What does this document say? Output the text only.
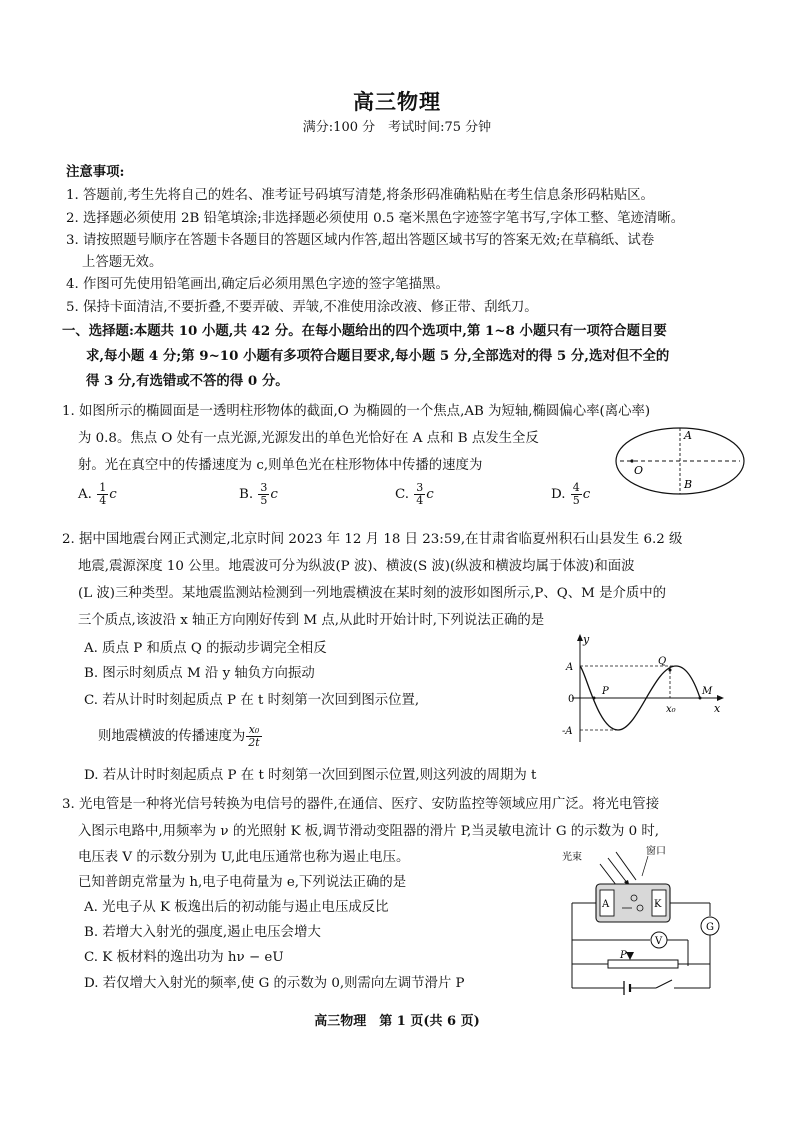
高三物理
满分:100 分　考试时间:75 分钟
注意事项:
1. 答题前,考生先将自己的姓名、准考证号码填写清楚,将条形码准确粘贴在考生信息条形码粘贴区。
2. 选择题必须使用 2B 铅笔填涂;非选择题必须使用 0.5 毫米黑色字迹签字笔书写,字体工整、笔迹清晰。
3. 请按照题号顺序在答题卡各题目的答题区域内作答,超出答题区域书写的答案无效;在草稿纸、试卷
上答题无效。
4. 作图可先使用铅笔画出,确定后必须用黑色字迹的签字笔描黑。
5. 保持卡面清洁,不要折叠,不要弄破、弄皱,不准使用涂改液、修正带、刮纸刀。
一、选择题:本题共 10 小题,共 42 分。在每小题给出的四个选项中,第 1~8 小题只有一项符合题目要
求,每小题 4 分;第 9~10 小题有多项符合题目要求,每小题 5 分,全部选对的得 5 分,选对但不全的
得 3 分,有选错或不答的得 0 分。
1. 如图所示的椭圆面是一透明柱形物体的截面,O 为椭圆的一个焦点,AB 为短轴,椭圆偏心率(离心率)
为 0.8。焦点 O 处有一点光源,光源发出的单色光恰好在 A 点和 B 点发生全反
射。光在真空中的传播速度为 c,则单色光在柱形物体中传播的速度为
A. $\frac{1}{4}$ c	B. $\frac{3}{5}$ c	C. $\frac{3}{4}$ c	D. $\frac{4}{5}$ c
A
B
O
2. 据中国地震台网正式测定,北京时间 2023 年 12 月 18 日 23:59,在甘肃省临夏州积石山县发生 6.2 级
地震,震源深度 10 公里。地震波可分为纵波(P 波)、横波(S 波)(纵波和横波均属于体波)和面波
(L 波)三种类型。某地震监测站检测到一列地震横波在某时刻的波形如图所示,P、Q、M 是介质中的
三个质点,该波沿 x 轴正方向刚好传到 M 点,从此时开始计时,下列说法正确的是
A. 质点 P 和质点 Q 的振动步调完全相反
B. 图示时刻质点 M 沿 y 轴负方向振动
C. 若从计时时刻起质点 P 在 t 时刻第一次回到图示位置,
则地震横波的传播速度为 $\frac{\text{x₀}}{2t}$
D. 若从计时时刻起质点 P 在 t 时刻第一次回到图示位置,则这列波的周期为 t
y
x
A
-A
0
P
Q
M
x₀
3. 光电管是一种将光信号转换为电信号的器件,在通信、医疗、安防监控等领域应用广泛。将光电管接
入图示电路中,用频率为 ν 的光照射 K 板,调节滑动变阻器的滑片 P,当灵敏电流计 G 的示数为 0 时,
电压表 V 的示数分别为 U,此电压通常也称为遏止电压。
已知普朗克常量为 h,电子电荷量为 e,下列说法正确的是
A. 光电子从 K 板逸出后的初动能与遏止电压成反比
B. 若增大入射光的强度,遏止电压会增大
C. K 板材料的逸出功为 hν − eU
D. 若仅增大入射光的频率,使 G 的示数为 0,则需向左调节滑片 P
光束
窗口
A	K
G
V
P
高三物理　第 1 页(共 6 页)
